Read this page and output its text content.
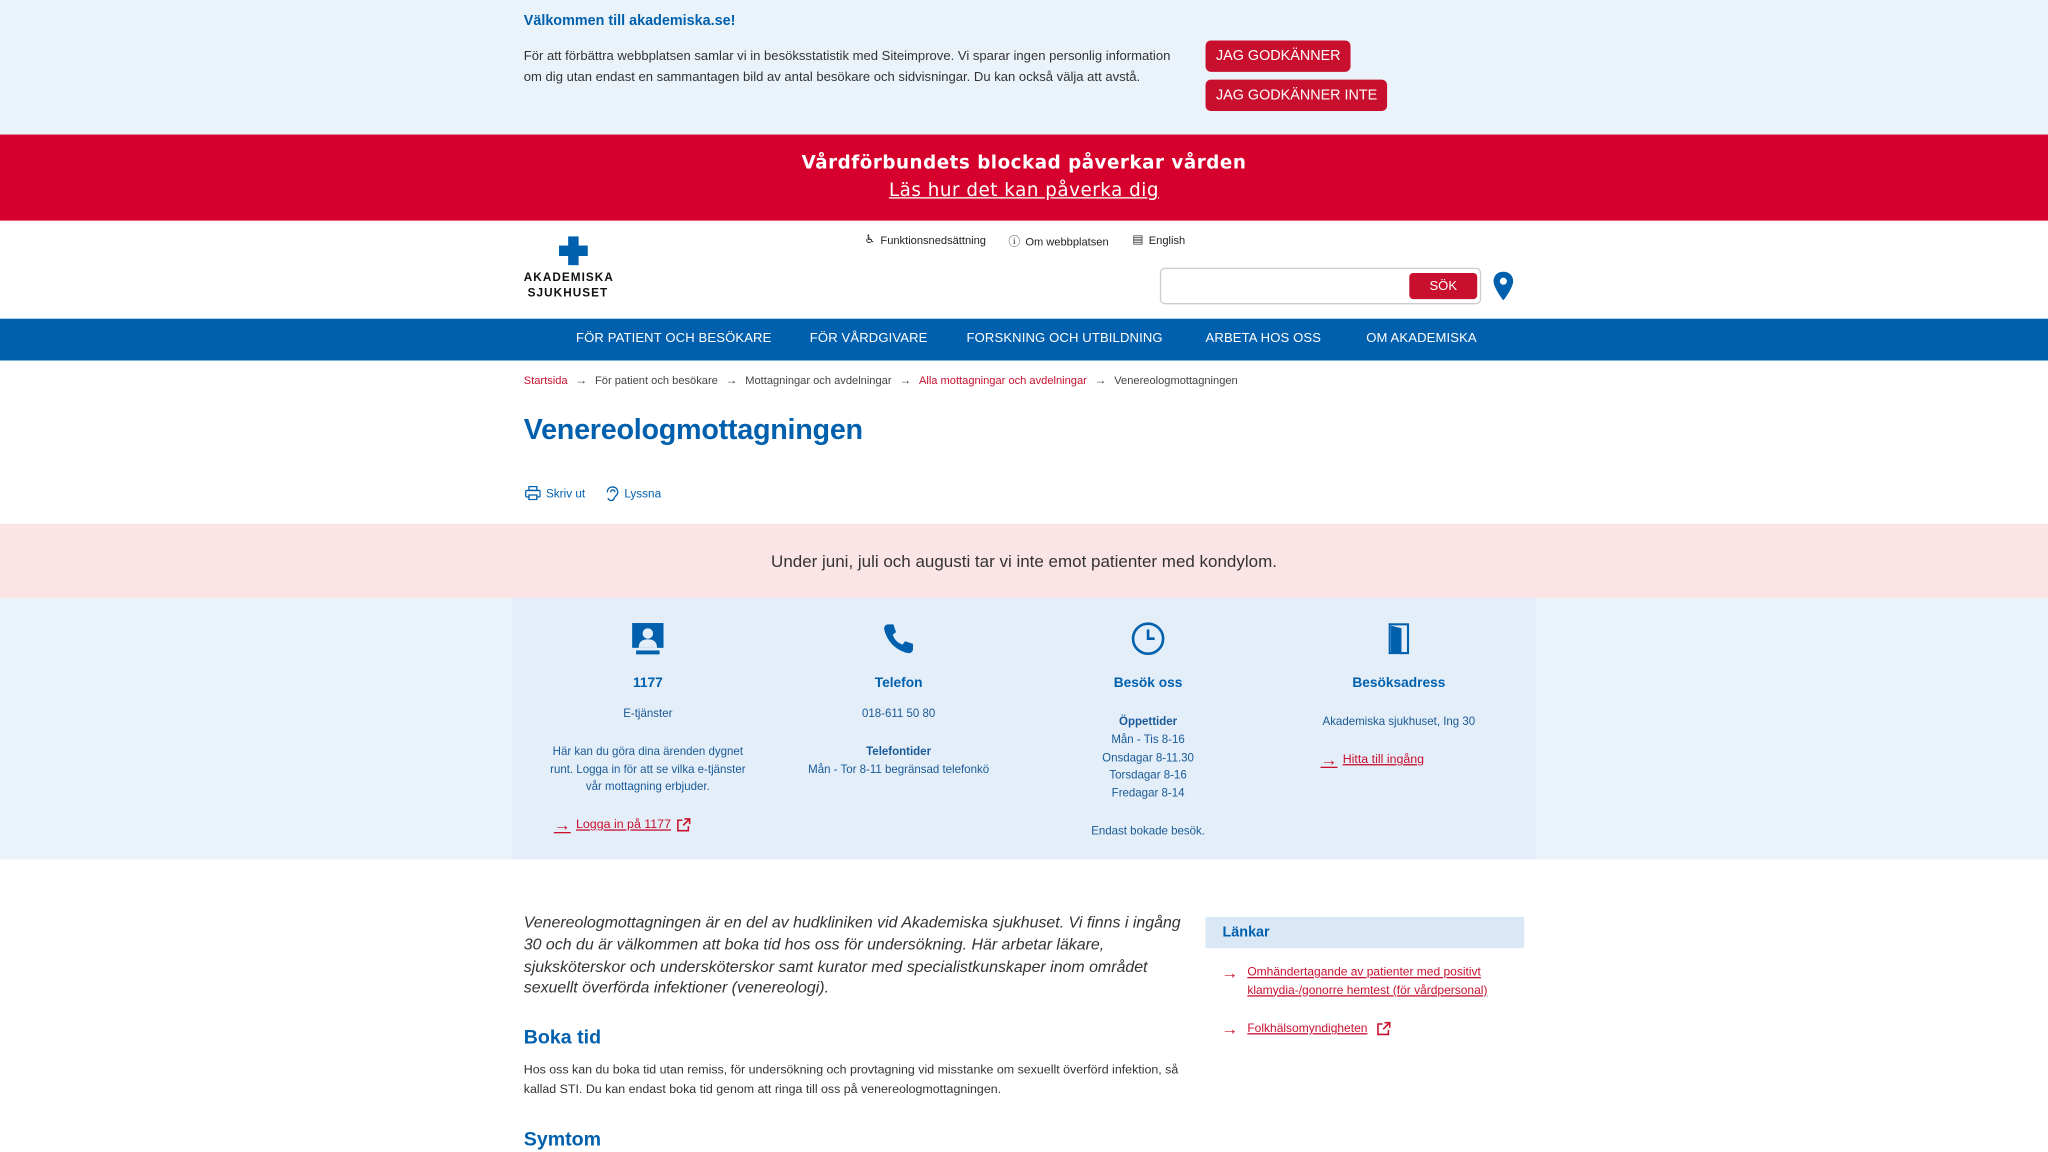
Välkommen till akademiska.se!
För att förbättra webbplatsen samlar vi in besöksstatistik med Siteimprove. Vi sparar ingen personlig information om dig utan endast en sammantagen bild av antal besökare och sidvisningar. Du kan också välja att avstå.
JAG GODKÄNNER
JAG GODKÄNNER INTE
Vårdförbundets blockad påverkar vården
Läs hur det kan påverka dig
AKADEMISKA
SJUKHUSET
♿ Funktionsnedsättning ⓘ Om webbplatsen	▤ English
SÖK
FÖR PATIENT OCH BESÖKARE	FÖR VÅRDGIVARE	FORSKNING OCH UTBILDNING	ARBETA HOS OSS	OM AKADEMISKA
Startsida → För patient och besökare → Mottagningar och avdelningar → Alla mottagningar och avdelningar → Venereologmottagningen
Venereologmottagningen
Skriv ut	Lyssna
Under juni, juli och augusti tar vi inte emot patienter med kondylom.
1177
E-tjänster
Här kan du göra dina ärenden dygnet runt. Logga in för att se vilka e-tjänster vår mottagning erbjuder.
→ Logga in på 1177
Telefon
018-611 50 80
Telefontider
Mån - Tor 8-11 begränsad telefonkö
Besök oss
Öppettider
Mån - Tis 8-16
Onsdagar 8-11.30
Torsdagar 8-16
Fredagar 8-14
Endast bokade besök.
Besöksadress
Akademiska sjukhuset, Ing 30
→ Hitta till ingång

Venereologmottagningen är en del av hudkliniken vid Akademiska sjukhuset. Vi finns i ingång 30 och du är välkommen att boka tid hos oss för undersökning. Här arbetar läkare, sjuksköterskor och undersköterskor samt kurator med specialistkunskaper inom området sexuellt överförda infektioner (venereologi).

Boka tid

Hos oss kan du boka tid utan remiss, för undersökning och provtagning vid misstanke om sexuellt överförd infektion, så kallad STI. Du kan endast boka tid genom att ringa till oss på venereologmottagningen.

Symtom
Länkar
→ Omhändertagande av patienter med positivt klamydia-/gonorre hemtest (för vårdpersonal)
→ Folkhälsomyndigheten
